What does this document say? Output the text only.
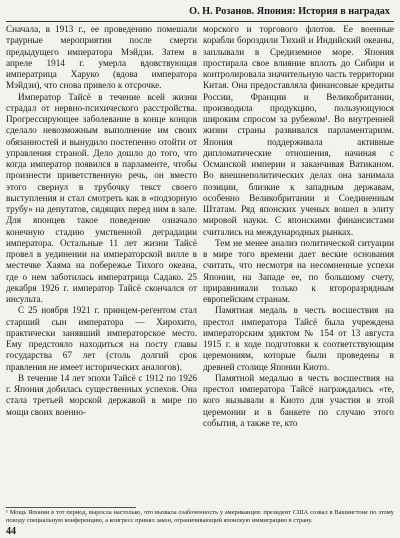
О. Н. Розанов. Япония: История в наградах

Сначала, в 1913 г., ее проведению помешали траурные мероприятия после смерти предыдущего императора Мэйдзи. Затем в апреле 1914 г. умерла вдовствующая императрица Харуко (вдова императора Мэйдзи), что снова привело к отсрочке.

Император Тайсё в течение всей жизни страдал от нервно-психического расстройства. Прогрессирующее заболевание в конце концов сделало невозможным выполнение им своих обязанностей и вынудило постепенно отойти от управления страной. Дело дошло до того, что когда император появился в парламенте, чтобы произнести приветственную речь, он вместо этого свернул в трубочку текст своего выступления и стал смотреть как в «подзорную трубу» на депутатов, сидящих перед ним в зале. Для японцев такое поведение означало конечную стадию умственной деградации императора. Остальные 11 лет жизни Тайсё провел в уединении на императорской вилле в местечке Хаяма на побережье Тихого океана, где о нем заботилась императрица Садако. 25 декабря 1926 г. император Тайсё скончался от инсульта.

С 25 ноября 1921 г. принцем-регентом стал старший сын императора — Хирохито, практически занявший императорское место. Ему предстояло находиться на посту главы государства 67 лет (столь долгий срок правления не имеет исторических аналогов).

В течение 14 лет эпохи Тайсё с 1912 по 1926 г. Япония добилась существенных успехов. Она стала третьей морской державой в мире по мощи своих военно-

морского и торгового флотов. Ее военные корабли бороздили Тихий и Индийский океаны, заплывали в Средиземное море. Япония простирала свое влияние вплоть до Сибири и контролировала значительную часть территории Китая. Она предоставляла финансовые кредиты России, Франции и Великобритании, производила продукцию, пользующуюся широким спросом за рубежом¹. Во внутренней жизни страны развивался парламентаризм. Япония поддерживала активные дипломатические отношения, начиная с Османской империи и заканчивая Ватиканом. Во внешнеполитических делах она занимала позиции, близкие к западным державам, особенно Великобритании и Соединенным Штатам. Ряд японских ученых вошел в элиту мировой науки. С японскими финансистами считались на международных рынках.

Тем не менее анализ политической ситуации в мире того времени дает веские основания считать, что несмотря на несомненные успехи Японии, на Западе ее, по большому счету, приравнивали только к второразрядным европейским странам.

Памятная медаль в честь восшествия на престол императора Тайсё была учреждена императорским эдиктом № 154 от 13 августа 1915 г. в ходе подготовки к соответствующим церемониям, которые были проведены в древней столице Японии Киото.

Памятной медалью в честь восшествия на престол императора Тайсё награждались «те, кого вызывали в Киото для участия в этой церемонии и в банкете по случаю этого события, а также те, кто

¹ Мощь Японии в тот период, выросла настолько, что вызвала озабоченность у американцев: президент США созвал в Вашингтоне по этому поводу специальную конференцию, а конгресс принял закон, ограничивающий японскую иммиграцию в страну.
44
